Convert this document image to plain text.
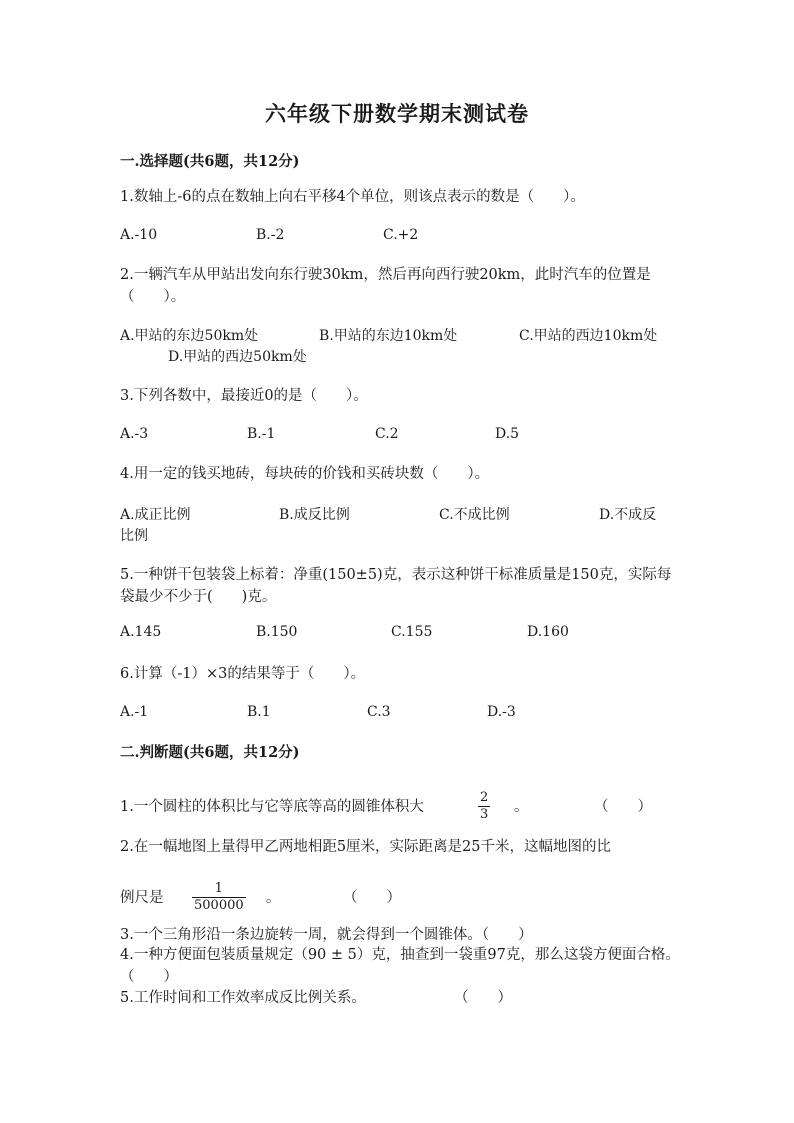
六年级下册数学期末测试卷
一.选择题(共6题，共12分)
1.数轴上-6的点在数轴上向右平移4个单位，则该点表示的数是（　　）。
A.-10	B.-2	C.+2
2.一辆汽车从甲站出发向东行驶30km，然后再向西行驶20km，此时汽车的位置是（　　）。
A.甲站的东边50km处	B.甲站的东边10km处	C.甲站的西边10km处
D.甲站的西边50km处
3.下列各数中，最接近0的是（　　）。
A.-3	B.-1	C.2	D.5
4.用一定的钱买地砖，每块砖的价钱和买砖块数（　　）。
A.成正比例	B.成反比例	C.不成比例	D.不成反
比例
5.一种饼干包装袋上标着：净重(150±5)克，表示这种饼干标准质量是150克，实际每袋最少不少于(　　)克。
A.145	B.150	C.155	D.160
6.计算（-1）×3的结果等于（　　）。
A.-1	B.1	C.3	D.-3
二.判断题(共6题，共12分)
1.一个圆柱的体积比与它等底等高的圆锥体积大
2
3 。	（　　）
2.在一幅地图上量得甲乙两地相距5厘米，实际距离是25千米，这幅地图的比
例尺是
1
500000 。	（　　）
3.一个三角形沿一条边旋转一周，就会得到一个圆锥体。（　　）
4.一种方便面包装质量规定（90 ± 5）克，抽查到一袋重97克，那么这袋方便面合格。　　（　　）
5.工作时间和工作效率成反比例关系。	（　　）
